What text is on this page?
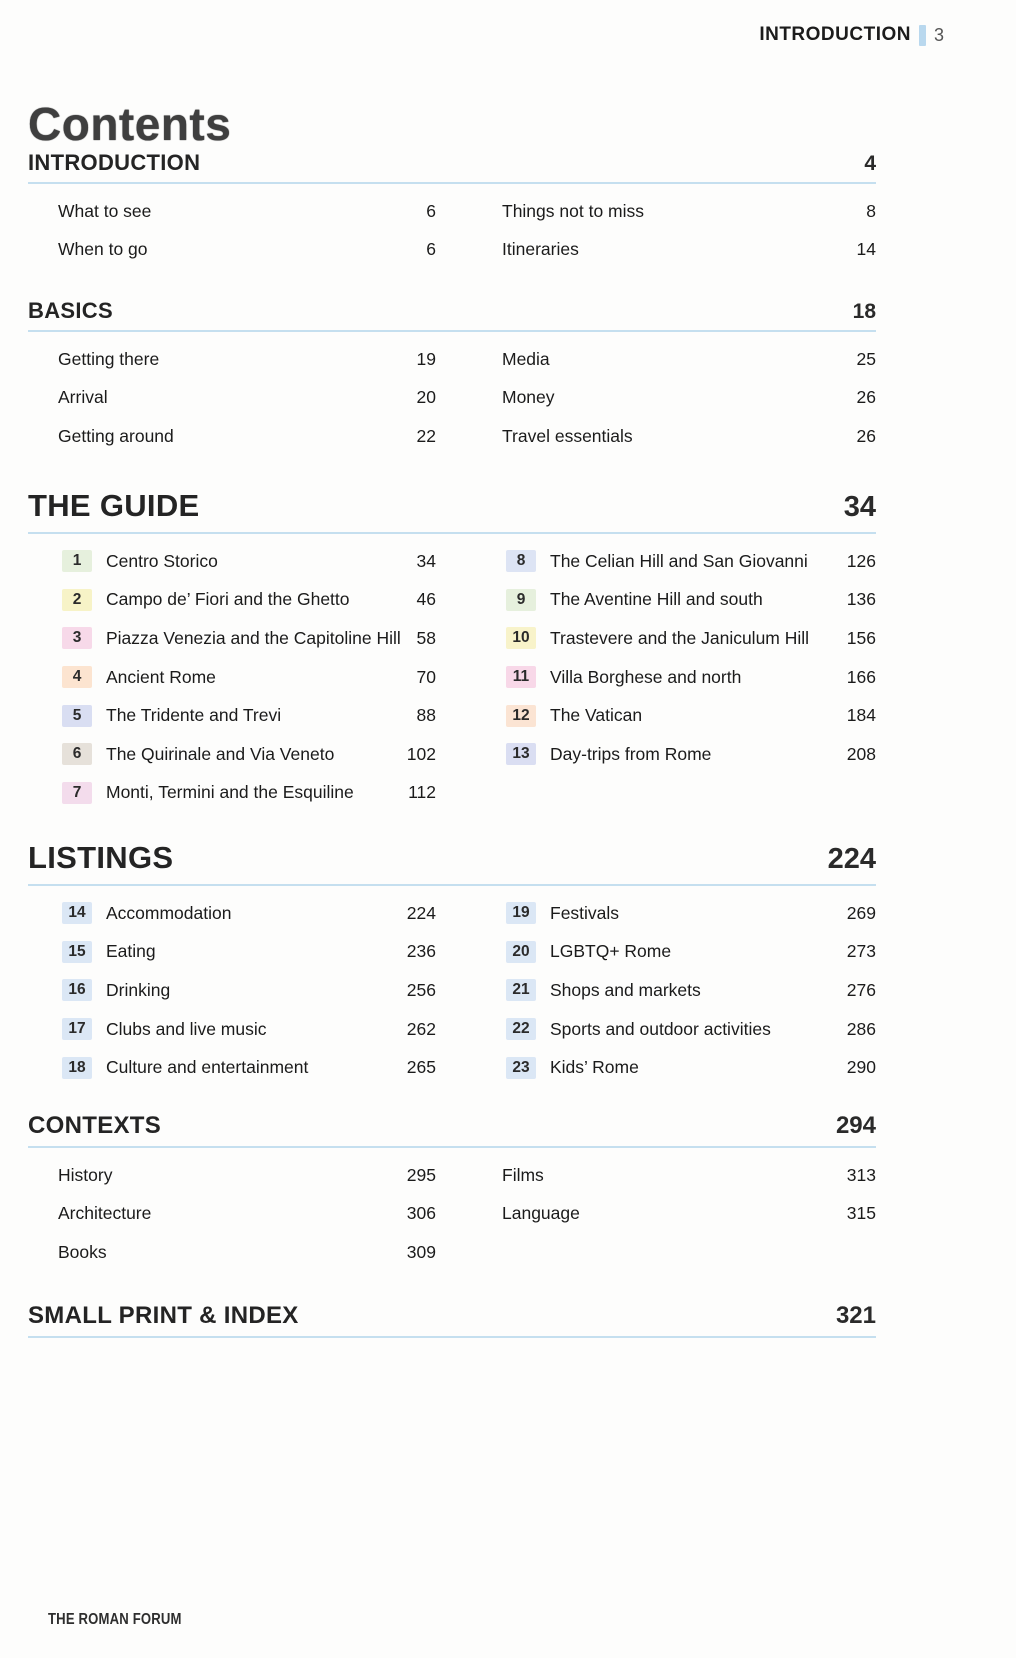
INTRODUCTION 3
Contents
INTRODUCTION	4
What to see	6
When to go	6
Things not to miss	8
Itineraries	14
BASICS	18
Getting there	19
Arrival	20
Getting around	22
Media	25
Money	26
Travel essentials	26
THE GUIDE	34
1	Centro Storico	34
2	Campo de’ Fiori and the Ghetto	46
3	Piazza Venezia and the Capitoline Hill 58
4	Ancient Rome	70
5	The Tridente and Trevi	88
6	The Quirinale and Via Veneto	102
7	Monti, Termini and the Esquiline	112
8	The Celian Hill and San Giovanni	126
9	The Aventine Hill and south	136
10	Trastevere and the Janiculum Hill	156
11	Villa Borghese and north	166
12	The Vatican	184
13	Day-trips from Rome	208
LISTINGS	224
14	Accommodation	224
15	Eating	236
16	Drinking	256
17	Clubs and live music	262
18	Culture and entertainment	265
19	Festivals	269
20	LGBTQ+ Rome	273
21	Shops and markets	276
22	Sports and outdoor activities	286
23	Kids’ Rome	290
CONTEXTS	294
History	295
Architecture	306
Books	309
Films	313
Language	315
SMALL PRINT & INDEX	321
THE ROMAN FORUM
